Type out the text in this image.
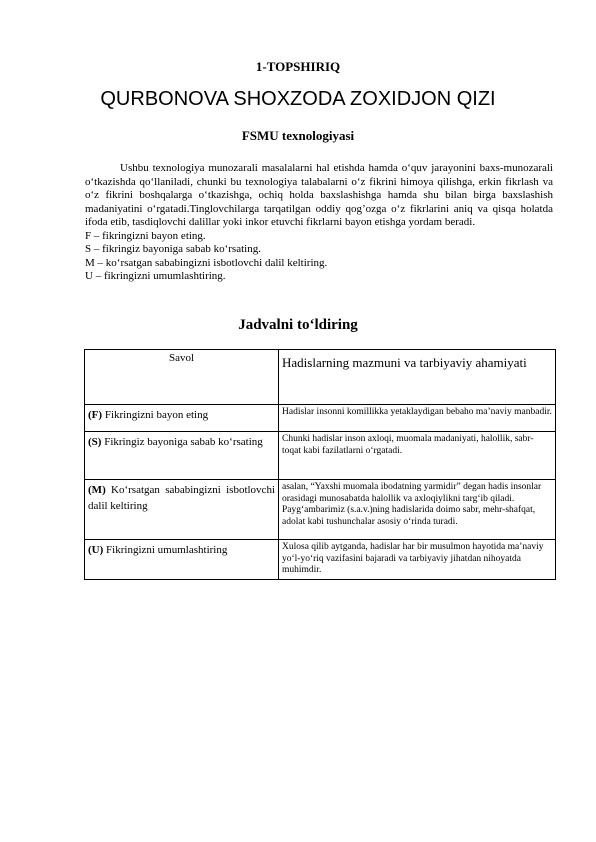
1-TOPSHIRIQ
QURBONOVA SHOXZODA ZOXIDJON QIZI
FSMU texnologiyasi

Ushbu texnologiya munozarali masalalarni hal etishda hamda o‘quv jarayonini baxs-munozarali o‘tkazishda qo‘llaniladi, chunki bu texnologiya talabalarni o‘z fikrini himoya qilishga, erkin fikrlash va o‘z fikrini boshqalarga o‘tkazishga, ochiq holda baxslashishga hamda shu bilan birga baxslashish madaniyatini o‘rgatadi.Tinglovchilarga tarqatilgan oddiy qog’ozga o‘z fikrlarini aniq va qisqa holatda ifoda etib, tasdiqlovchi dalillar yoki inkor etuvchi fikrlarni bayon etishga yordam beradi.

F – fikringizni bayon eting.

S – fikringiz bayoniga sabab ko‘rsating.

M – ko‘rsatgan sababingizni isbotlovchi dalil keltiring.

U – fikringizni umumlashtiring.

Jadvalni to‘ldiring
Savol	Hadislarning mazmuni va tarbiyaviy ahamiyati
(F) Fikringizni bayon eting	Hadislar insonni komillikka yetaklaydigan bebaho ma’naviy manbadir.
(S) Fikringiz bayoniga sabab ko‘rsating	Chunki hadislar inson axloqi, muomala madaniyati, halollik, sabr-toqat kabi fazilatlarni o‘rgatadi.
(M) Ko‘rsatgan sababingizni isbotlovchi dalil keltiring	asalan, “Yaxshi muomala ibodatning yarmidir” degan hadis insonlar orasidagi munosabatda halollik va axloqiylikni targ‘ib qiladi. Payg‘ambarimiz (s.a.v.)ning hadislarida doimo sabr, mehr-shafqat, adolat kabi tushunchalar asosiy o‘rinda turadi.
(U) Fikringizni umumlashtiring	Xulosa qilib aytganda, hadislar har bir musulmon hayotida ma’naviy yo‘l-yo‘riq vazifasini bajaradi va tarbiyaviy jihatdan nihoyatda muhimdir.
